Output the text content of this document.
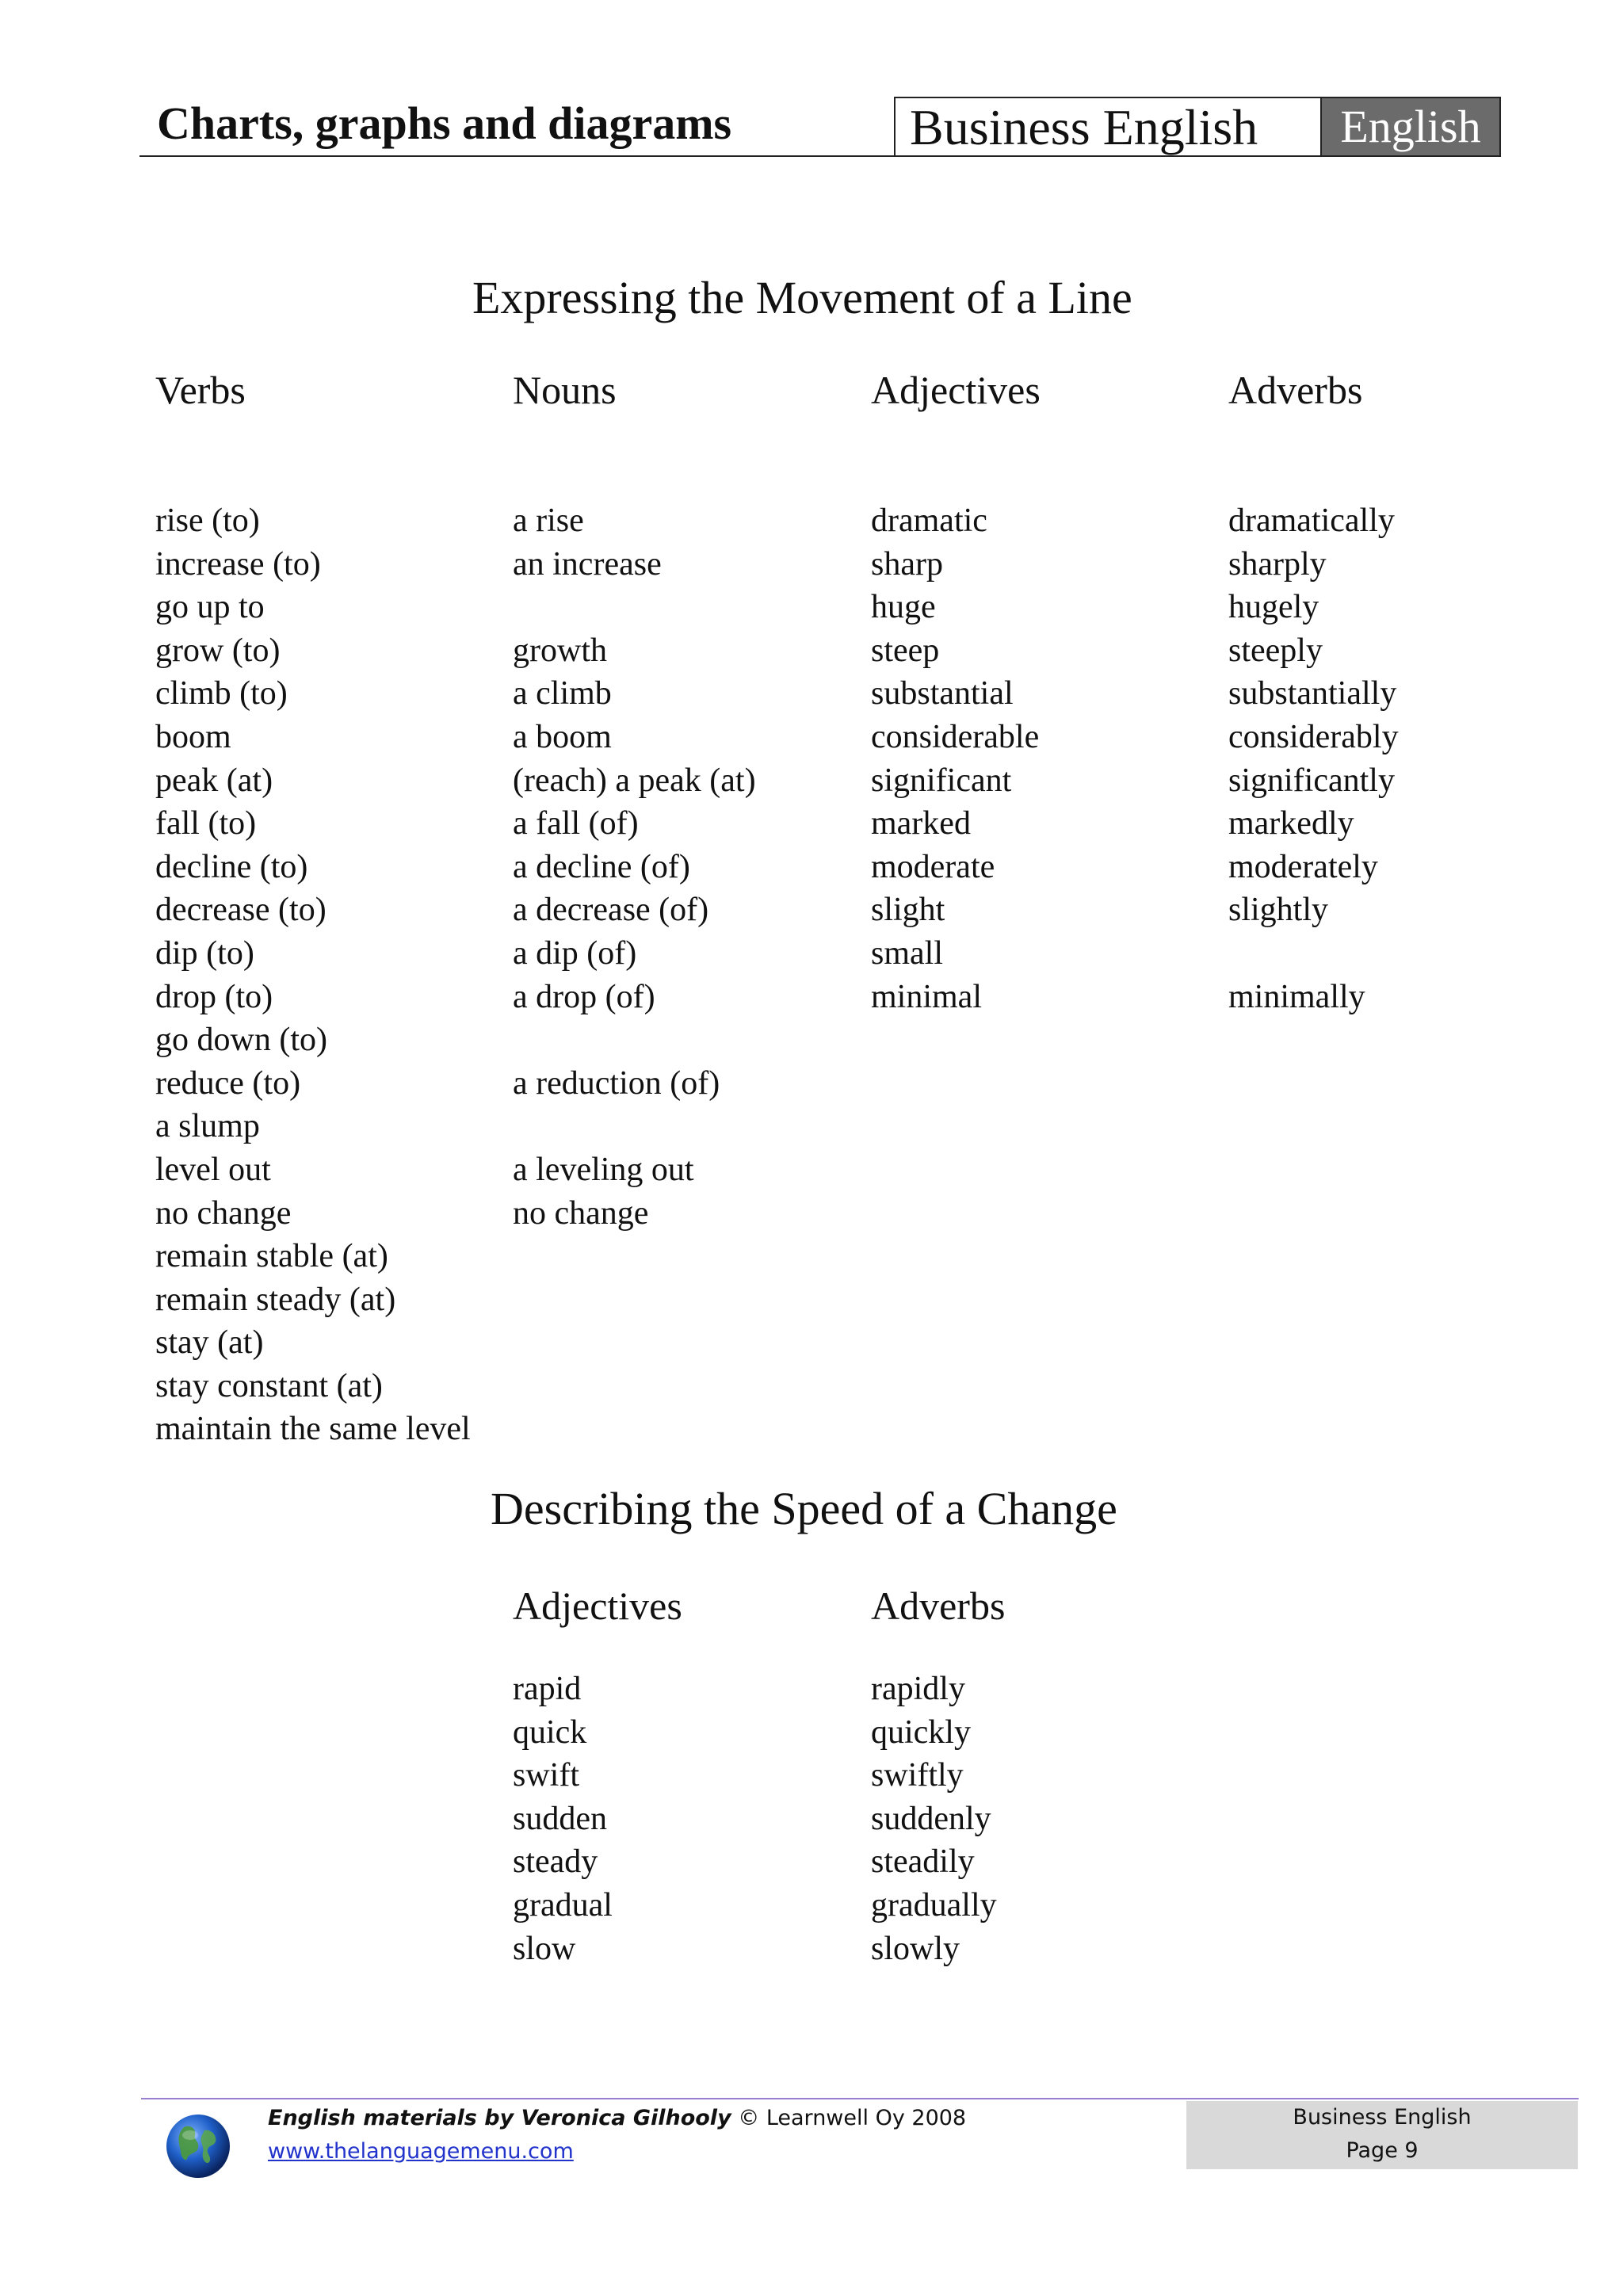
Charts, graphs and diagrams	Business English	English
Expressing the Movement of a Line
Verbs
rise (to)
increase (to)
go up to
grow (to)
climb (to)
boom
peak (at)
fall (to)
decline (to)
decrease (to)
dip (to)
drop (to)
go down (to)
reduce (to)
a slump
level out
no change
remain stable (at)
remain steady (at)
stay (at)
stay constant (at)
maintain the same level
Nouns
a rise
an increase
growth
a climb
a boom
(reach) a peak (at)
a fall (of)
a decline (of)
a decrease (of)
a dip (of)
a drop (of)
a reduction (of)
a leveling out
no change
Adjectives
dramatic
sharp
huge
steep
substantial
considerable
significant
marked
moderate
slight
small
minimal
Adverbs
dramatically
sharply
hugely
steeply
substantially
considerably
significantly
markedly
moderately
slightly
minimally
Describing the Speed of a Change
Adjectives
rapid
quick
swift
sudden
steady
gradual
slow
Adverbs
rapidly
quickly
swiftly
suddenly
steadily
gradually
slowly
English materials by Veronica Gilhooly © Learnwell Oy 2008
www.thelanguagemenu.com
Business English
Page 9
